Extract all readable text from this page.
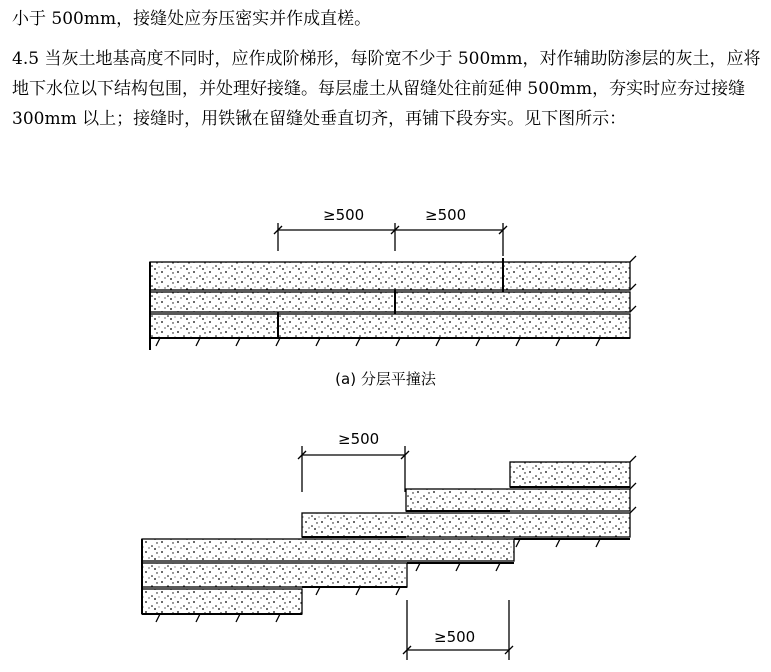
小于 500mm，接缝处应夯压密实并作成直槎。
4.5 当灰土地基高度不同时，应作成阶梯形，每阶宽不少于 500mm，对作辅助防渗层的灰土，应将地下水位以下结构包围，并处理好接缝。每层虚土从留缝处往前延伸 500mm，夯实时应夯过接缝 300mm 以上；接缝时，用铁锹在留缝处垂直切齐，再铺下段夯实。见下图所示：
≥500	≥500
≥500
≥500
(a) 分层平撞法
